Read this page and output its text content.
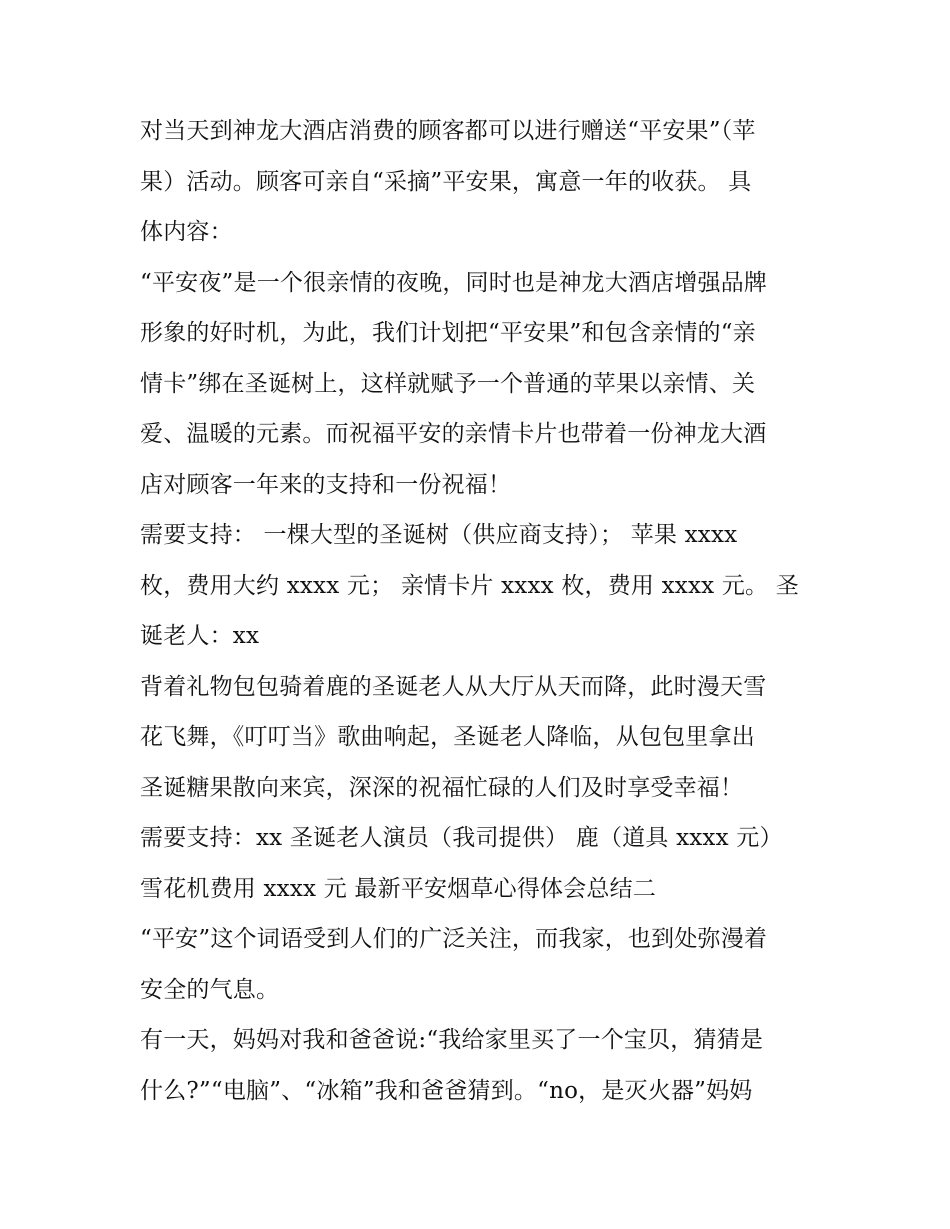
对当天到神龙大酒店消费的顾客都可以进行赠送“平安果”（苹
果）活动。顾客可亲自“采摘”平安果，寓意一年的收获。 具
体内容：
“平安夜”是一个很亲情的夜晚，同时也是神龙大酒店增强品牌
形象的好时机，为此，我们计划把“平安果”和包含亲情的“亲
情卡”绑在圣诞树上，这样就赋予一个普通的苹果以亲情、关
爱、温暖的元素。而祝福平安的亲情卡片也带着一份神龙大酒
店对顾客一年来的支持和一份祝福！
需要支持： 一棵大型的圣诞树（供应商支持）； 苹果 xxxx
枚，费用大约 xxxx 元； 亲情卡片 xxxx 枚，费用 xxxx 元。 圣
诞老人：xx
背着礼物包包骑着鹿的圣诞老人从大厅从天而降，此时漫天雪
花飞舞，《叮叮当》歌曲响起，圣诞老人降临，从包包里拿出
圣诞糖果散向来宾，深深的祝福忙碌的人们及时享受幸福！
需要支持：xx 圣诞老人演员（我司提供） 鹿（道具 xxxx 元）
雪花机费用 xxxx 元 最新平安烟草心得体会总结二
“平安”这个词语受到人们的广泛关注，而我家，也到处弥漫着
安全的气息。
有一天，妈妈对我和爸爸说:“我给家里买了一个宝贝，猜猜是
什么?”“电脑”、“冰箱”我和爸爸猜到。“no，是灭火器”妈妈
